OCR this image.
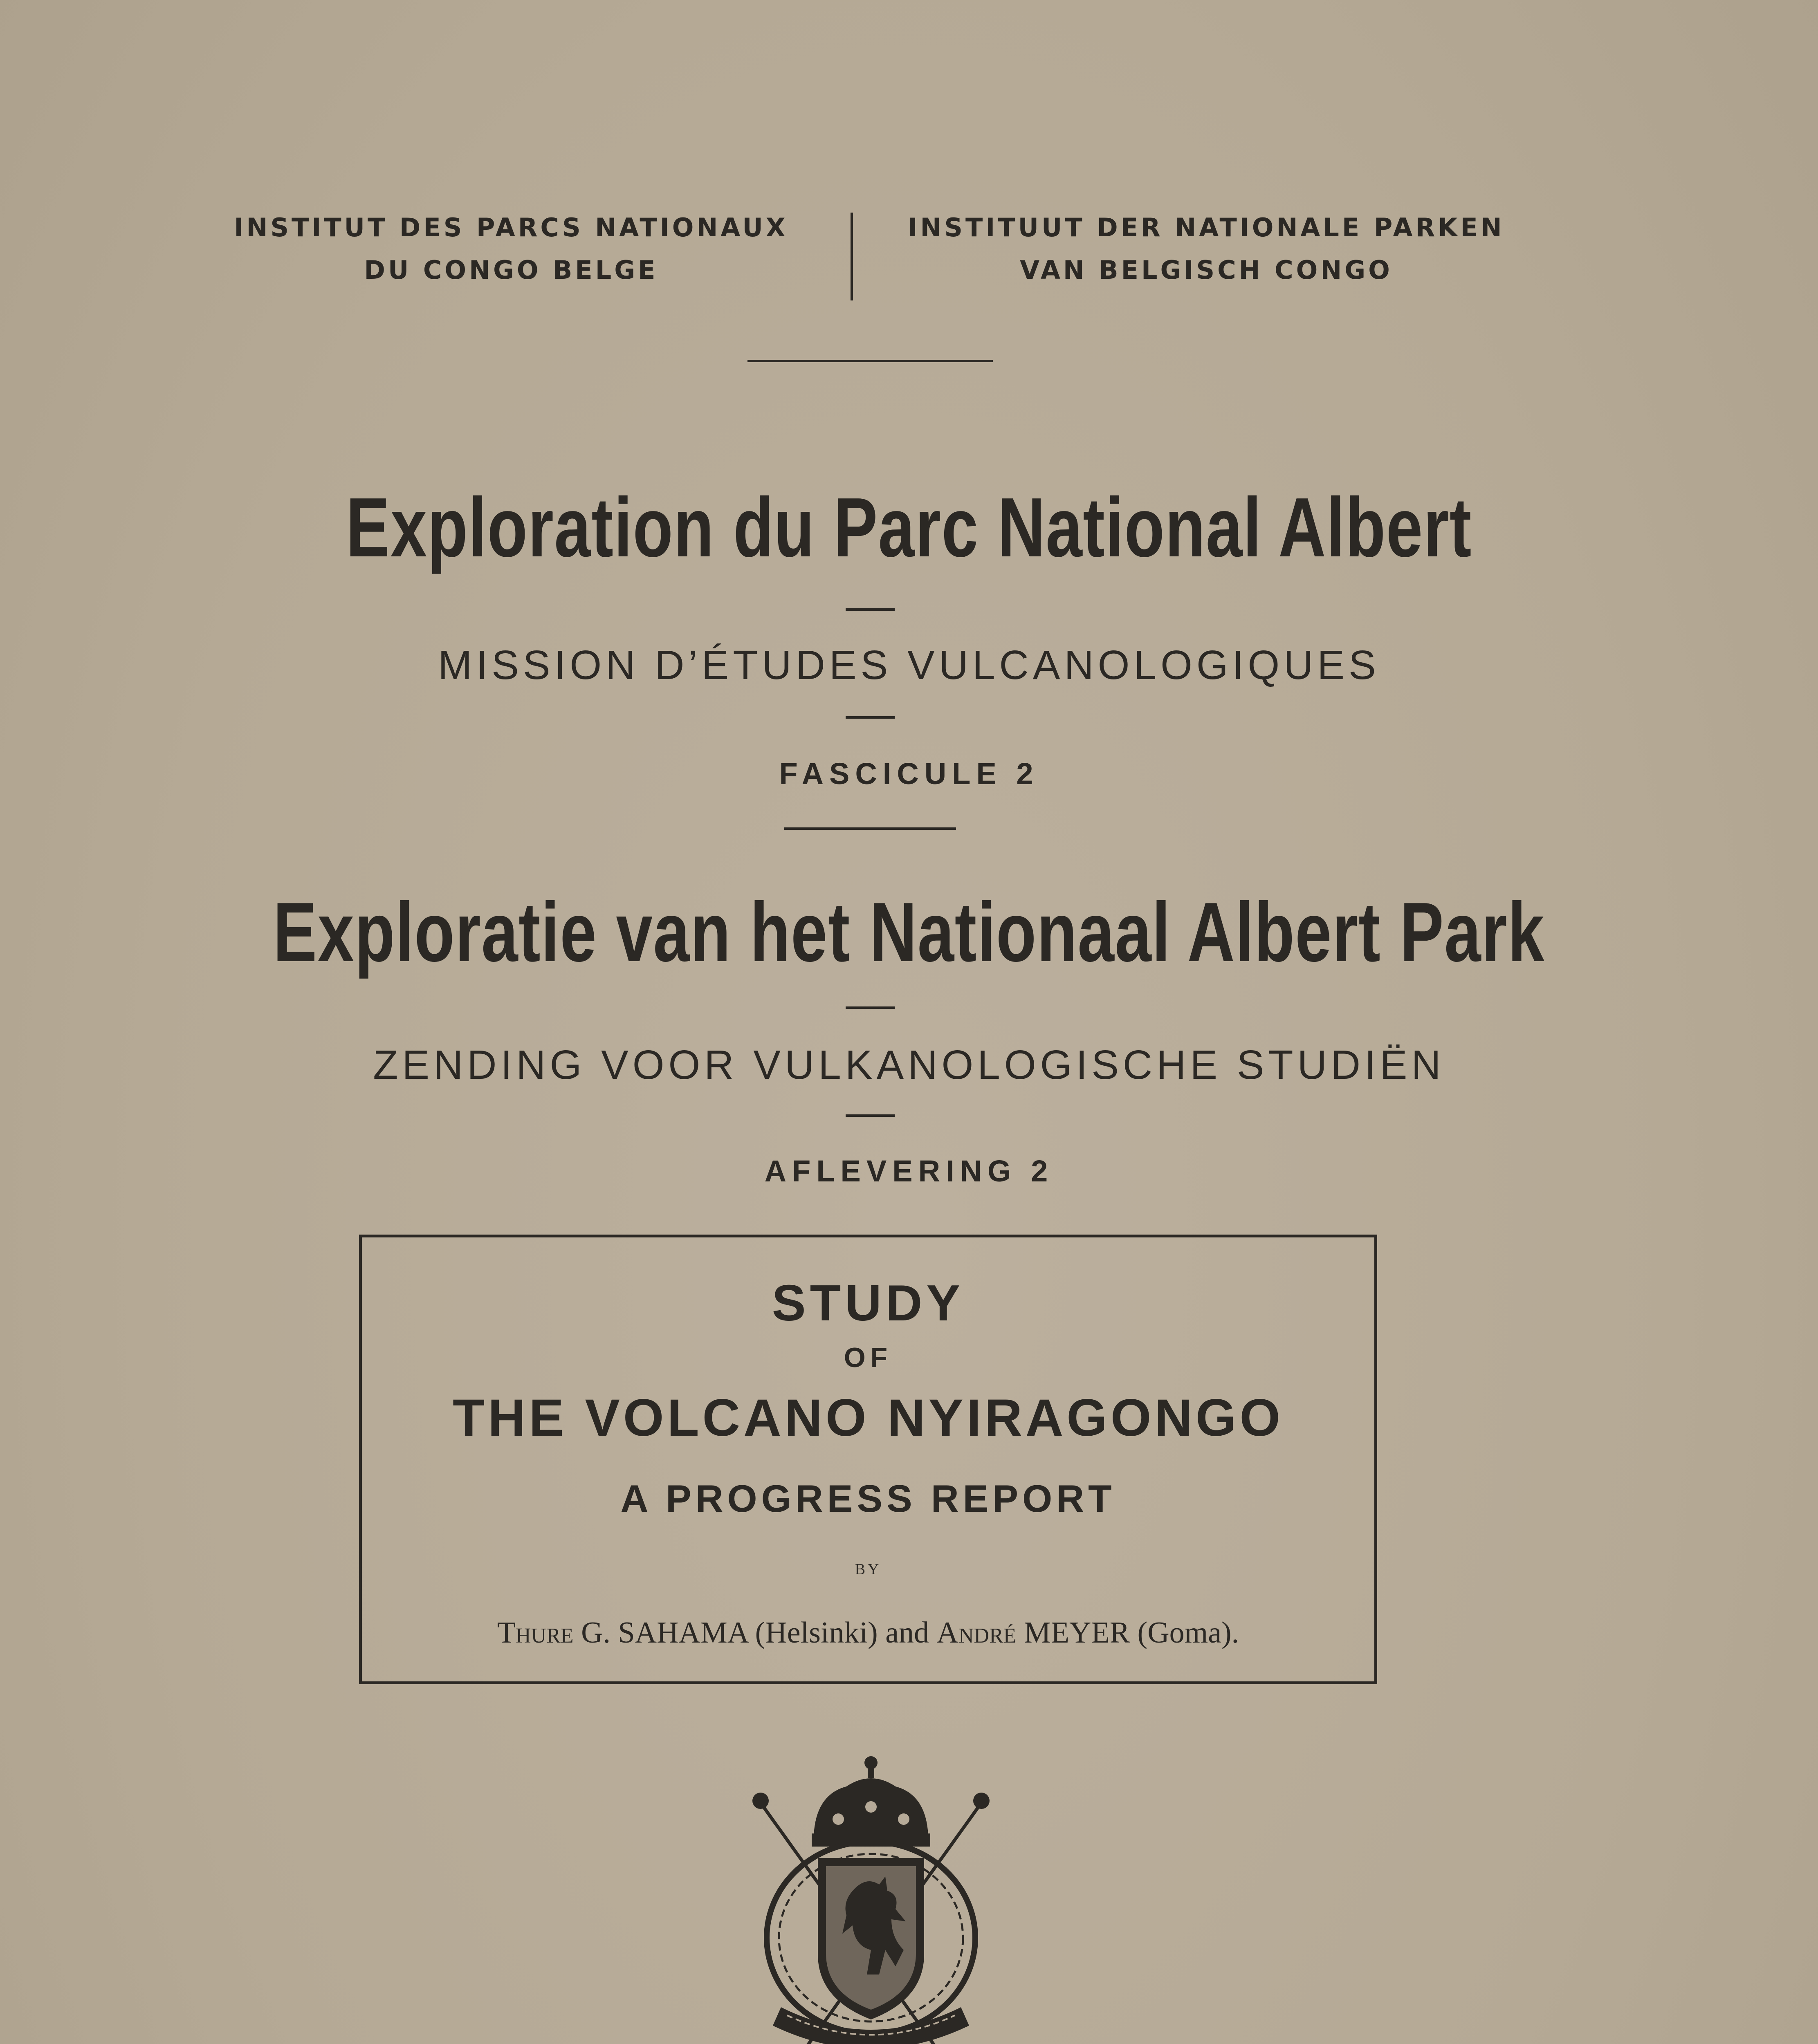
INSTITUT DES PARCS NATIONAUX
DU CONGO BELGE
INSTITUUT DER NATIONALE PARKEN
VAN BELGISCH CONGO
Exploration du Parc National Albert
MISSION D’ÉTUDES VULCANOLOGIQUES
FASCICULE 2
Exploratie van het Nationaal Albert Park
ZENDING VOOR VULKANOLOGISCHE STUDIËN
AFLEVERING 2
STUDY
OF
THE VOLCANO NYIRAGONGO
A PROGRESS REPORT
BY
Thure G. SAHAMA (Helsinki) and André MEYER (Goma).
